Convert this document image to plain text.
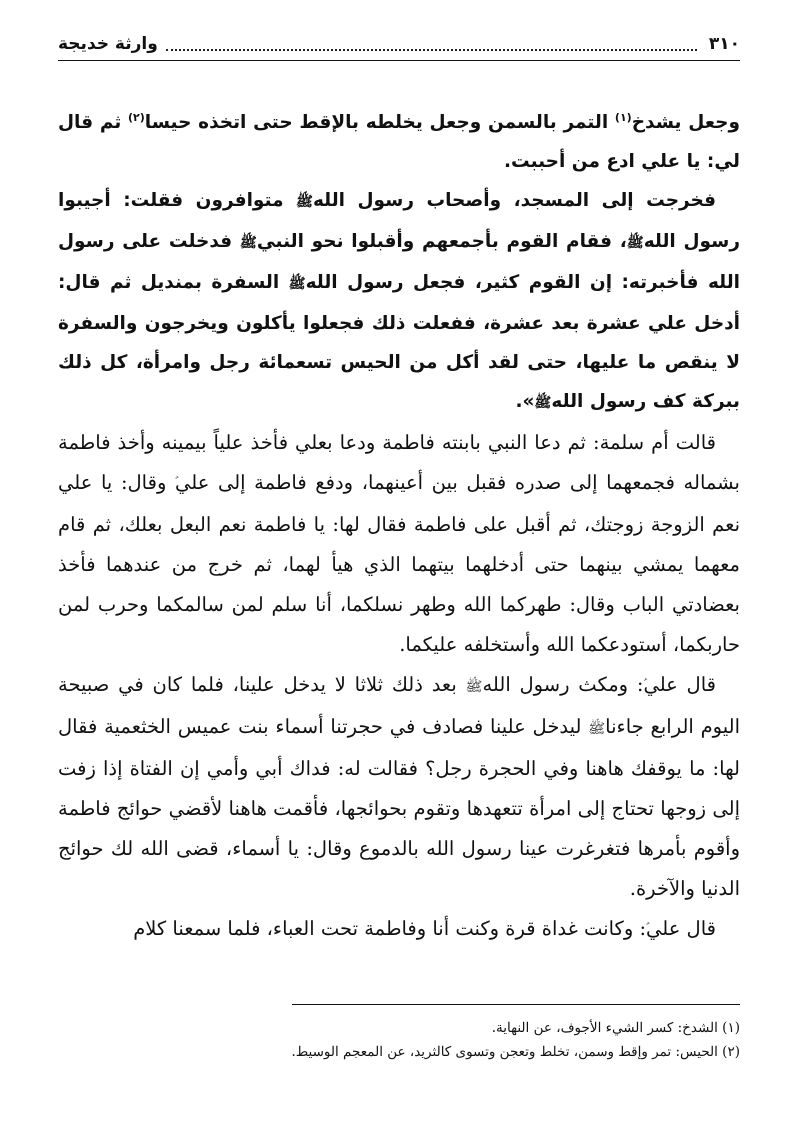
٣١٠
وارثة خديجة

وجعل يشدخ$^{(١)}$ التمر بالسمن وجعل يخلطه بالإقط حتى اتخذه حيسا$^{(٢)}$ ثم قال لي: يا علي ادع من أحببت.

فخرجت إلى المسجد، وأصحاب رسول اللهﷺ متوافرون فقلت: أجيبوا رسول اللهﷺ، فقام القوم بأجمعهم وأقبلوا نحو النبيﷺ فدخلت على رسول الله فأخبرته: إن القوم كثير، فجعل رسول اللهﷺ السفرة بمنديل ثم قال: أدخل علي عشرة بعد عشرة، ففعلت ذلك فجعلوا يأكلون ويخرجون والسفرة لا ينقص ما عليها، حتى لقد أكل من الحيس تسعمائة رجل وامرأة، كل ذلك ببركة كف رسول اللهﷺ».

قالت أم سلمة: ثم دعا النبي بابنته فاطمة ودعا بعلي فأخذ علياً بيمينه وأخذ فاطمة بشماله فجمعهما إلى صدره فقبل بين أعينهما، ودفع فاطمة إلى علي وقال: يا علي نعم الزوجة زوجتك، ثم أقبل على فاطمة فقال لها: يا فاطمة نعم البعل بعلك، ثم قام معهما يمشي بينهما حتى أدخلهما بيتهما الذي هيأ لهما، ثم خرج من عندهما فأخذ بعضادتي الباب وقال: طهركما الله وطهر نسلكما، أنا سلم لمن سالمكما وحرب لمن حاربكما، أستودعكما الله وأستخلفه عليكما.

قال علي: ومكث رسول اللهﷺ بعد ذلك ثلاثا لا يدخل علينا، فلما كان في صبيحة اليوم الرابع جاءناﷺ ليدخل علينا فصادف في حجرتنا أسماء بنت عميس الخثعمية فقال لها: ما يوقفك هاهنا وفي الحجرة رجل؟ فقالت له: فداك أبي وأمي إن الفتاة إذا زفت إلى زوجها تحتاج إلى امرأة تتعهدها وتقوم بحوائجها، فأقمت هاهنا لأقضي حوائج فاطمة وأقوم بأمرها فتغرغرت عينا رسول الله بالدموع وقال: يا أسماء، قضى الله لك حوائج الدنيا والآخرة.

قال علي: وكانت غداة قرة وكنت أنا وفاطمة تحت العباء، فلما سمعنا كلام

(١) الشدخ: كسر الشيء الأجوف، عن النهاية.

(٢) الحيس: تمر وإقط وسمن، تخلط وتعجن وتسوى كالثريد، عن المعجم الوسيط.
